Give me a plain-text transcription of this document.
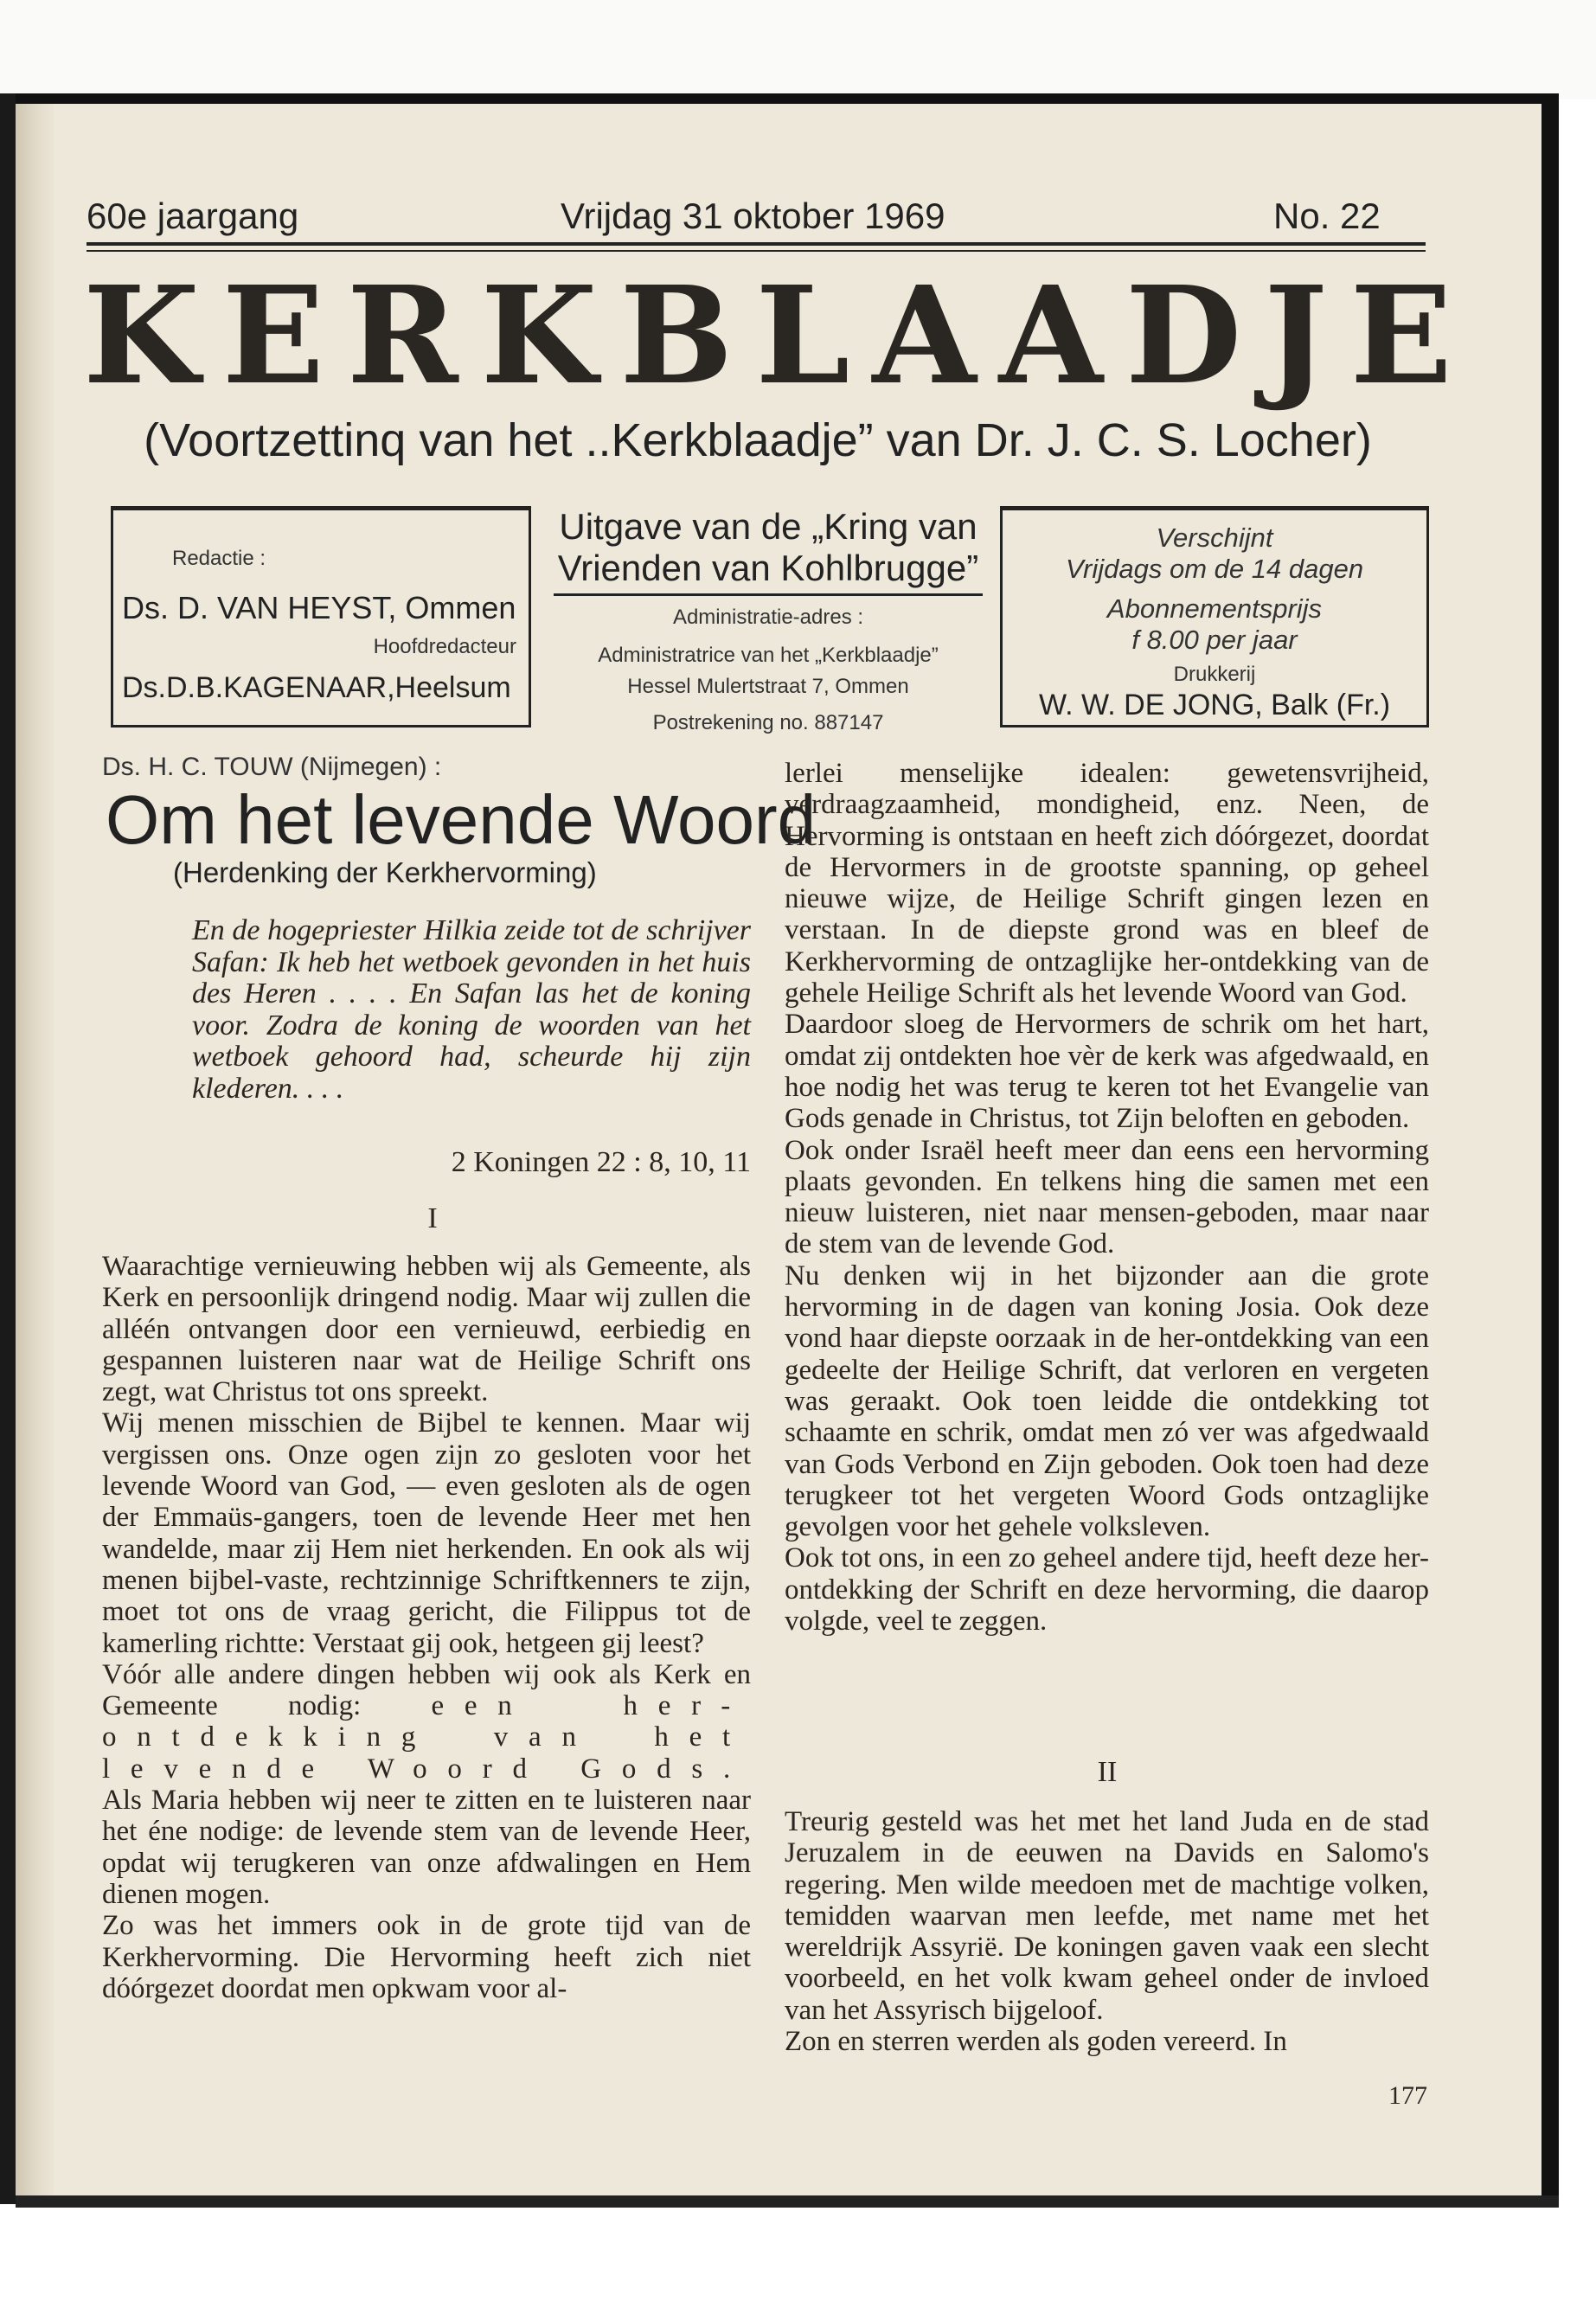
60e jaargang	Vrijdag 31 oktober 1969	No. 22
KERKBLAADJE
(Voortzettinq van het ..Kerkblaadje” van Dr. J. C. S. Locher)
Redactie :
Ds. D. VAN HEYST, Ommen
Hoofdredacteur
Ds.D.B.KAGENAAR,Heelsum
Uitgave van de „Kring van
Vrienden van Kohlbrugge”
Administratie-adres :
Administratrice van het „Kerkblaadje”
Hessel Mulertstraat 7, Ommen
Postrekening no. 887147
Verschijnt
Vrijdags om de 14 dagen
Abonnementsprijs
f 8.00 per jaar
Drukkerij
W. W. DE JONG, Balk (Fr.)
Ds. H. C. TOUW (Nijmegen) :
Om het levende Woord
(Herdenking der Kerkhervorming)
En de hogepriester Hilkia zeide tot de schrijver Safan: Ik heb het wetboek gevonden in het huis des Heren . . . . En Safan las het de koning voor. Zodra de koning de woorden van het wetboek gehoord had, scheurde hij zijn klederen. . . .
2 Koningen 22 : 8, 10, 11
I

Waarachtige vernieuwing hebben wij als Gemeente, als Kerk en persoonlijk dringend nodig. Maar wij zullen die alléén ontvangen door een vernieuwd, eerbiedig en gespannen luisteren naar wat de Heilige Schrift ons zegt, wat Christus tot ons spreekt.

Wij menen misschien de Bijbel te kennen. Maar wij vergissen ons. Onze ogen zijn zo gesloten voor het levende Woord van God, — even gesloten als de ogen der Emmaüs-gangers, toen de levende Heer met hen wandelde, maar zij Hem niet herkenden. En ook als wij menen bijbel-vaste, rechtzinnige Schriftkenners te zijn, moet tot ons de vraag gericht, die Filippus tot de kamerling richtte: Verstaat gij ook, hetgeen gij leest?

Vóór alle andere dingen hebben wij ook als Kerk en Gemeente nodig: een her-ontdekking van het levende Woord Gods. Als Maria hebben wij neer te zitten en te luisteren naar het éne nodige: de levende stem van de levende Heer, opdat wij terugkeren van onze afdwalingen en Hem dienen mogen.

Zo was het immers ook in de grote tijd van de Kerkhervorming. Die Hervorming heeft zich niet dóórgezet doordat men opkwam voor al-

lerlei menselijke idealen: gewetensvrijheid, verdraagzaamheid, mondigheid, enz. Neen, de Hervorming is ontstaan en heeft zich dóórgezet, doordat de Hervormers in de grootste spanning, op geheel nieuwe wijze, de Heilige Schrift gingen lezen en verstaan. In de diepste grond was en bleef de Kerkhervorming de ontzaglijke her-ontdekking van de gehele Heilige Schrift als het levende Woord van God.

Daardoor sloeg de Hervormers de schrik om het hart, omdat zij ontdekten hoe vèr de kerk was afgedwaald, en hoe nodig het was terug te keren tot het Evangelie van Gods genade in Christus, tot Zijn beloften en geboden.

Ook onder Israël heeft meer dan eens een hervorming plaats gevonden. En telkens hing die samen met een nieuw luisteren, niet naar mensen-geboden, maar naar de stem van de levende God.

Nu denken wij in het bijzonder aan die grote hervorming in de dagen van koning Josia. Ook deze vond haar diepste oorzaak in de her-ontdekking van een gedeelte der Heilige Schrift, dat verloren en vergeten was geraakt. Ook toen leidde die ontdekking tot schaamte en schrik, omdat men zó ver was afgedwaald van Gods Verbond en Zijn geboden. Ook toen had deze terugkeer tot het vergeten Woord Gods ontzaglijke gevolgen voor het gehele volksleven.

Ook tot ons, in een zo geheel andere tijd, heeft deze her-ontdekking der Schrift en deze hervorming, die daarop volgde, veel te zeggen.

II

Treurig gesteld was het met het land Juda en de stad Jeruzalem in de eeuwen na Davids en Salomo's regering. Men wilde meedoen met de machtige volken, temidden waarvan men leefde, met name met het wereldrijk Assyrië. De koningen gaven vaak een slecht voorbeeld, en het volk kwam geheel onder de invloed van het Assyrisch bijgeloof.

Zon en sterren werden als goden vereerd. In

177
